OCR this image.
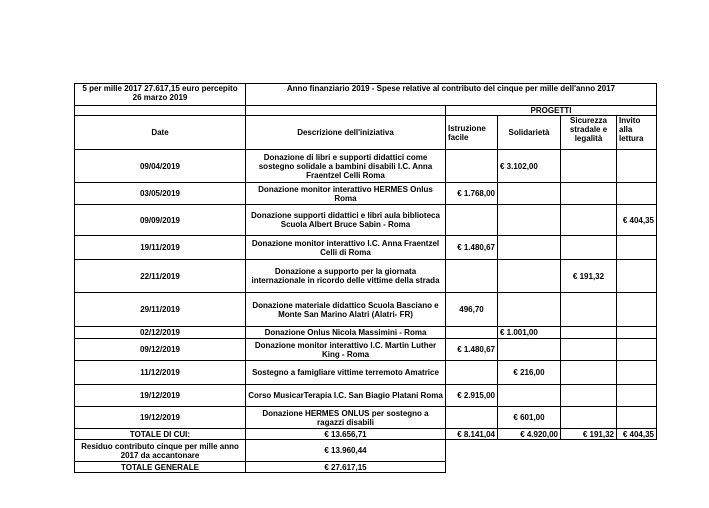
5 per mille 2017 27.617,15 euro percepito 26 marzo 2019	Anno finanziario 2019 - Spese relative al contributo del cinque per mille dell'anno 2017				
		PROGETTI			
Date	Descrizione dell'iniziativa	Istruzione facile	Solidarietà	Sicurezza stradale e legalità	Invito alla lettura
09/04/2019	Donazione di libri e supporti didattici come sostegno solidale a bambini disabili I.C. Anna Fraentzel Celli Roma		€ 3.102,00		
03/05/2019	Donazione monitor interattivo HERMES Onlus Roma	€ 1.768,00			
09/09/2019	Donazione supporti didattici e libri aula biblioteca Scuola Albert Bruce Sabin - Roma				€ 404,35
19/11/2019	Donazione monitor interattivo I.C. Anna Fraentzel Celli di Roma	€ 1.480,67			
22/11/2019	Donazione a supporto per la giornata internazionale in ricordo delle vittime della strada			€ 191,32	
29/11/2019	Donazione materiale didattico Scuola Basciano e Monte San Marino Alatri (Alatri- FR)	496,70			
02/12/2019	Donazione Onlus Nicola Massimini - Roma		€ 1.001,00		
09/12/2019	Donazione monitor interattivo I.C. Martin Luther King - Roma	€ 1.480,67			
11/12/2019	Sostegno a famigliare vittime terremoto Amatrice		€ 216,00		
19/12/2019	Corso MusicarTerapia I.C. San Biagio Platani Roma	€ 2.915,00			
19/12/2019	Donazione HERMES ONLUS per sostegno a ragazzi disabili		€ 601,00		
TOTALE DI CUI:	€ 13.656,71	€ 8.141,04	€ 4.920,00	€ 191,32	€ 404,35
Residuo contributo cinque per mille anno 2017 da accantonare	€ 13.960,44				
TOTALE GENERALE	€ 27.617,15				
